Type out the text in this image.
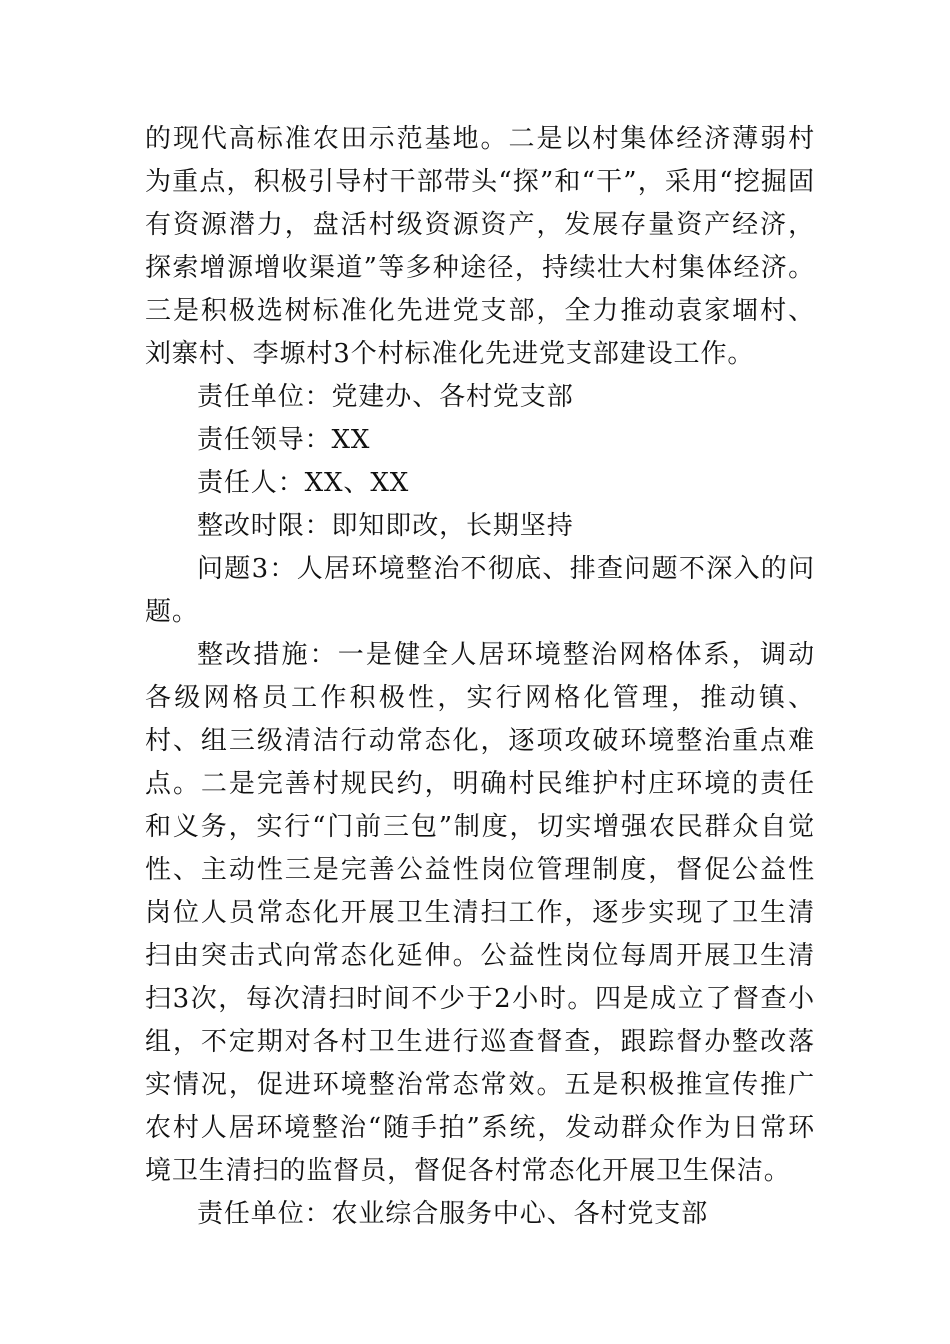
的现代高标准农田示范基地。二是以村集体经济薄弱村为重点，积极引导村干部带头“探”和“干”，采用“挖掘固有资源潜力，盘活村级资源资产，发展存量资产经济，探索增源增收渠道”等多种途径，持续壮大村集体经济。三是积极选树标准化先进党支部，全力推动袁家堌村、刘寨村、李塬村3个村标准化先进党支部建设工作。

责任单位：党建办、各村党支部

责任领导：XX

责任人：XX、XX

整改时限：即知即改，长期坚持

问题3：人居环境整治不彻底、排查问题不深入的问题。

整改措施：一是健全人居环境整治网格体系，调动各级网格员工作积极性，实行网格化管理，推动镇、村、组三级清洁行动常态化，逐项攻破环境整治重点难点。二是完善村规民约，明确村民维护村庄环境的责任和义务，实行“门前三包”制度，切实增强农民群众自觉性、主动性三是完善公益性岗位管理制度，督促公益性岗位人员常态化开展卫生清扫工作，逐步实现了卫生清扫由突击式向常态化延伸。公益性岗位每周开展卫生清扫3次，每次清扫时间不少于2小时。四是成立了督查小组，不定期对各村卫生进行巡查督查，跟踪督办整改落实情况，促进环境整治常态常效。五是积极推宣传推广农村人居环境整治“随手拍”系统，发动群众作为日常环境卫生清扫的监督员，督促各村常态化开展卫生保洁。

责任单位：农业综合服务中心、各村党支部
